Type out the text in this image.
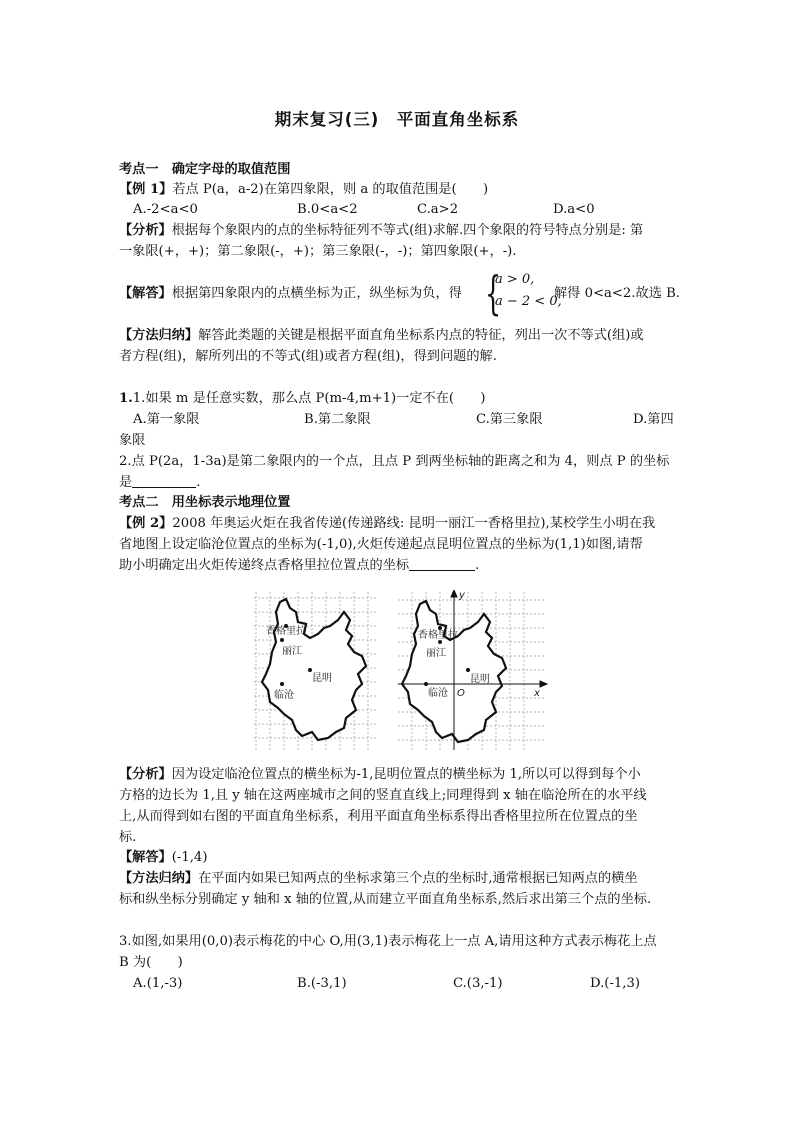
期末复习(三)　平面直角坐标系
考点一　确定字母的取值范围
【例 1】若点 P(a，a-2)在第四象限，则 a 的取值范围是(　　)
A.-2<a<0	B.0<a<2	C.a>2	D.a<0
【分析】根据每个象限内的点的坐标特征列不等式(组)求解.四个象限的符号特点分别是: 第
一象限(+，+)；第二象限(-，+)；第三象限(-，-)；第四象限(+，-).
【解答】根据第四象限内的点横坐标为正，纵坐标为负，得 {
a > 0,
a − 2 < 0,
解得 0<a<2.故选 B.
【方法归纳】解答此类题的关键是根据平面直角坐标系内点的特征，列出一次不等式(组)或
者方程(组)，解所列出的不等式(组)或者方程(组)，得到问题的解.
1.1.如果 m 是任意实数，那么点 P(m-4,m+1)一定不在(　　)
A.第一象限	B.第二象限	C.第三象限	D.第四
象限
2.点 P(2a，1-3a)是第二象限内的一个点，且点 P 到两坐标轴的距离之和为 4，则点 P 的坐标
是	.
考点二　用坐标表示地理位置
【例 2】2008 年奥运火炬在我省传递(传递路线: 昆明一丽江一香格里拉),某校学生小明在我
省地图上设定临沧位置点的坐标为(-1,0),火炬传递起点昆明位置点的坐标为(1,1)如图,请帮
助小明确定出火炬传递终点香格里拉位置点的坐标	.
香格里拉
丽江
昆明
临沧
香格里拉
丽江
昆明
临沧
y
x
O
【分析】因为设定临沧位置点的横坐标为-1,昆明位置点的横坐标为 1,所以可以得到每个小
方格的边长为 1,且 y 轴在这两座城市之间的竖直直线上;同理得到 x 轴在临沧所在的水平线
上,从而得到如右图的平面直角坐标系，利用平面直角坐标系得出香格里拉所在位置点的坐
标.
【解答】(-1,4)
【方法归纳】在平面内如果已知两点的坐标求第三个点的坐标时,通常根据已知两点的横坐
标和纵坐标分别确定 y 轴和 x 轴的位置,从而建立平面直角坐标系,然后求出第三个点的坐标.
3.如图,如果用(0,0)表示梅花的中心 O,用(3,1)表示梅花上一点 A,请用这种方式表示梅花上点
B 为(　　)
A.(1,-3)	B.(-3,1)	C.(3,-1)	D.(-1,3)
